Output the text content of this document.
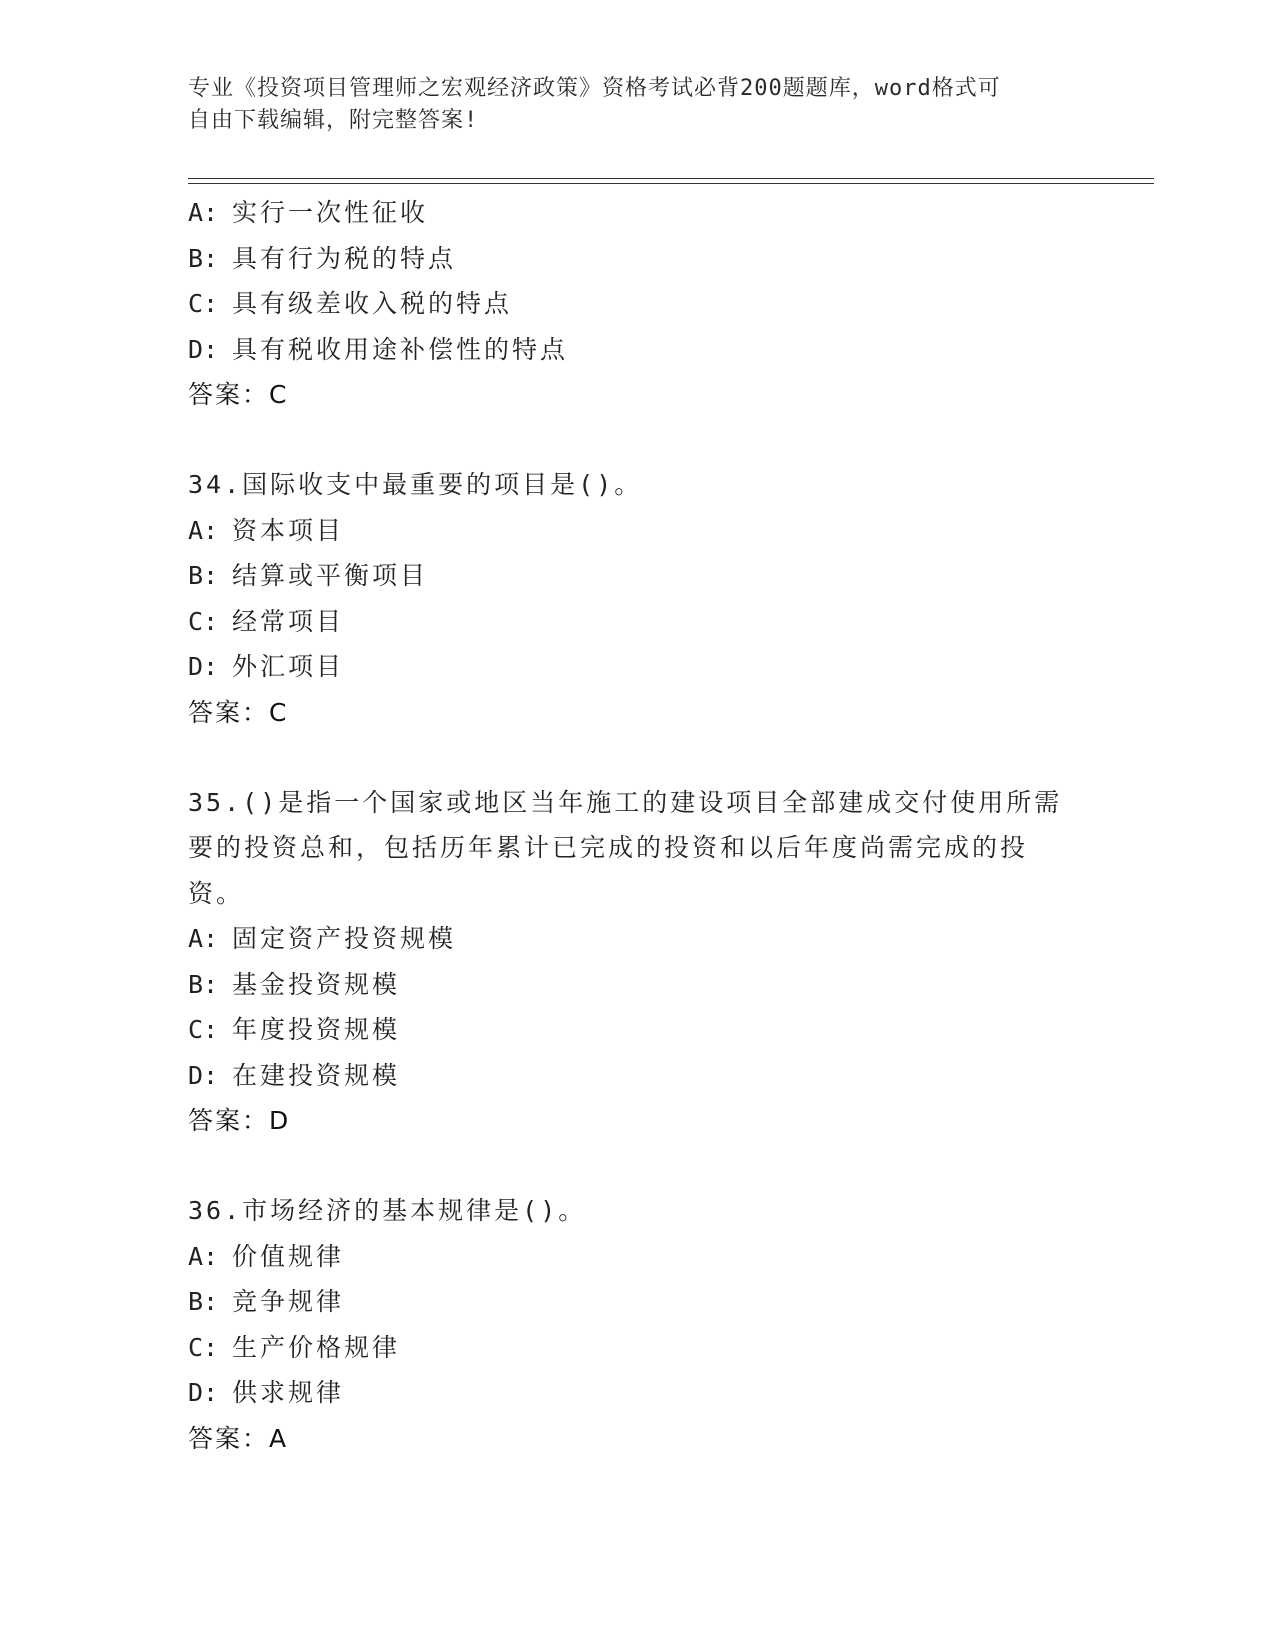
专业《投资项目管理师之宏观经济政策》资格考试必背200题题库，word格式可
自由下载编辑，附完整答案!
A: 实行一次性征收
B: 具有行为税的特点
C: 具有级差收入税的特点
D: 具有税收用途补偿性的特点
答案：C
34.国际收支中最重要的项目是()。
A: 资本项目
B: 结算或平衡项目
C: 经常项目
D: 外汇项目
答案：C
35.()是指一个国家或地区当年施工的建设项目全部建成交付使用所需
要的投资总和，包括历年累计已完成的投资和以后年度尚需完成的投
资。
A: 固定资产投资规模
B: 基金投资规模
C: 年度投资规模
D: 在建投资规模
答案：D
36.市场经济的基本规律是()。
A: 价值规律
B: 竞争规律
C: 生产价格规律
D: 供求规律
答案：A
